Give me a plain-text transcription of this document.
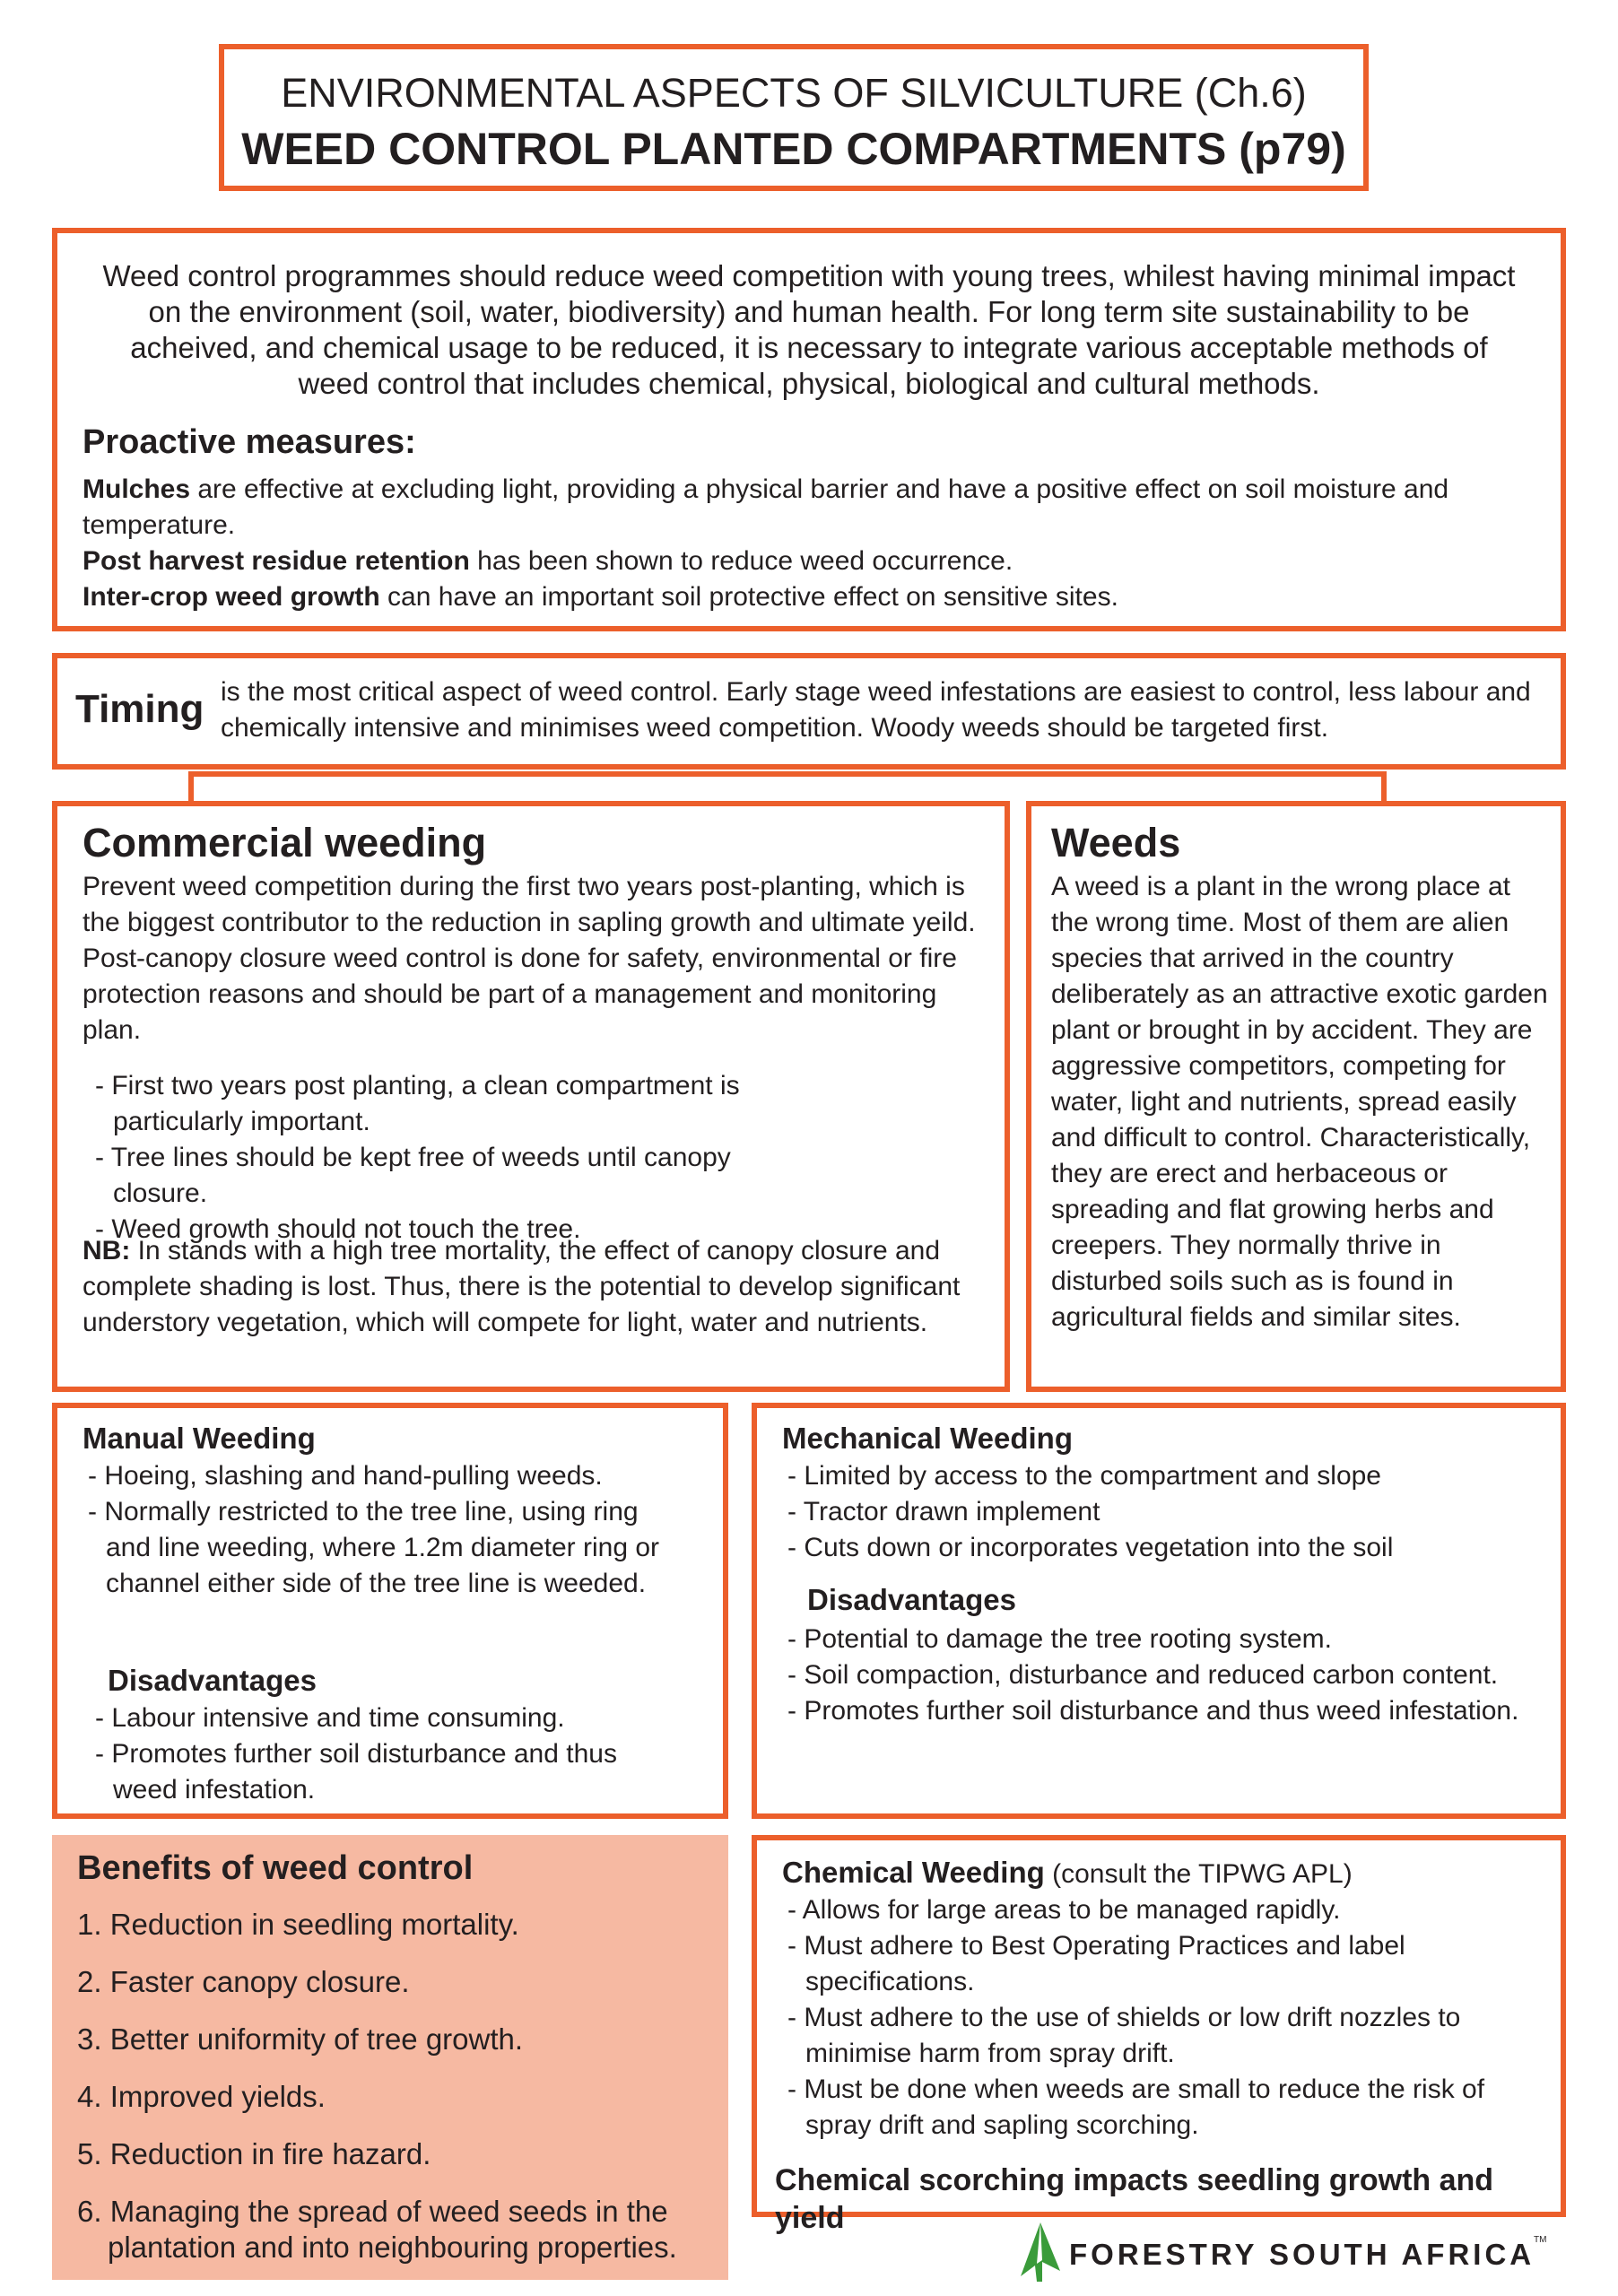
ENVIRONMENTAL ASPECTS OF SILVICULTURE (Ch.6)
WEED CONTROL PLANTED COMPARTMENTS (p79)
Weed control programmes should reduce weed competition with young trees, whilest having minimal impact on the environment (soil, water, biodiversity) and human health. For long term site sustainability to be acheived, and chemical usage to be reduced, it is necessary to integrate various acceptable methods of weed control that includes chemical, physical, biological and cultural methods.
Proactive measures:
Mulches are effective at excluding light, providing a physical barrier and have a positive effect on soil moisture and temperature.
Post harvest residue retention has been shown to reduce weed occurrence.
Inter-crop weed growth can have an important soil protective effect on sensitive sites.
Timing is the most critical aspect of weed control. Early stage weed infestations are easiest to control, less labour and chemically intensive and minimises weed competition. Woody weeds should be targeted first.
Commercial weeding
Prevent weed competition during the first two years post-planting, which is the biggest contributor to the reduction in sapling growth and ultimate yeild. Post-canopy closure weed control is done for safety, environmental or fire protection reasons and should be part of a management and monitoring plan.
- First two years post planting, a clean compartment is particularly important.
- Tree lines should be kept free of weeds until canopy closure.
- Weed growth should not touch the tree.
NB: In stands with a high tree mortality, the effect of canopy closure and complete shading is lost. Thus, there is the potential to develop significant understory vegetation, which will compete for light, water and nutrients.
Weeds
A weed is a plant in the wrong place at the wrong time. Most of them are alien species that arrived in the country deliberately as an attractive exotic garden plant or brought in by accident. They are aggressive competitors, competing for water, light and nutrients, spread easily and difficult to control. Characteristically, they are erect and herbaceous or spreading and flat growing herbs and creepers. They normally thrive in disturbed soils such as is found in agricultural fields and similar sites.
Manual Weeding
- Hoeing, slashing and hand-pulling weeds.
- Normally restricted to the tree line, using ring and line weeding, where 1.2m diameter ring or channel either side of the tree line is weeded.
Disadvantages
- Labour intensive and time consuming.
- Promotes further soil disturbance and thus weed infestation.
Mechanical Weeding
- Limited by access to the compartment and slope
- Tractor drawn implement
- Cuts down or incorporates vegetation into the soil
Disadvantages
- Potential to damage the tree rooting system.
- Soil compaction, disturbance and reduced carbon content.
- Promotes further soil disturbance and thus weed infestation.
Benefits of weed control
1. Reduction in seedling mortality.
2. Faster canopy closure.
3. Better uniformity of tree growth.
4. Improved yields.
5. Reduction in fire hazard.
6. Managing the spread of weed seeds in the plantation and into neighbouring properties.
Chemical Weeding (consult the TIPWG APL)
- Allows for large areas to be managed rapidly.
- Must adhere to Best Operating Practices and label specifications.
- Must adhere to the use of shields or low drift nozzles to minimise harm from spray drift.
- Must be done when weeds are small to reduce the risk of spray drift and sapling scorching.
Chemical scorching impacts seedling growth and yield
FORESTRY SOUTH AFRICA
TM
